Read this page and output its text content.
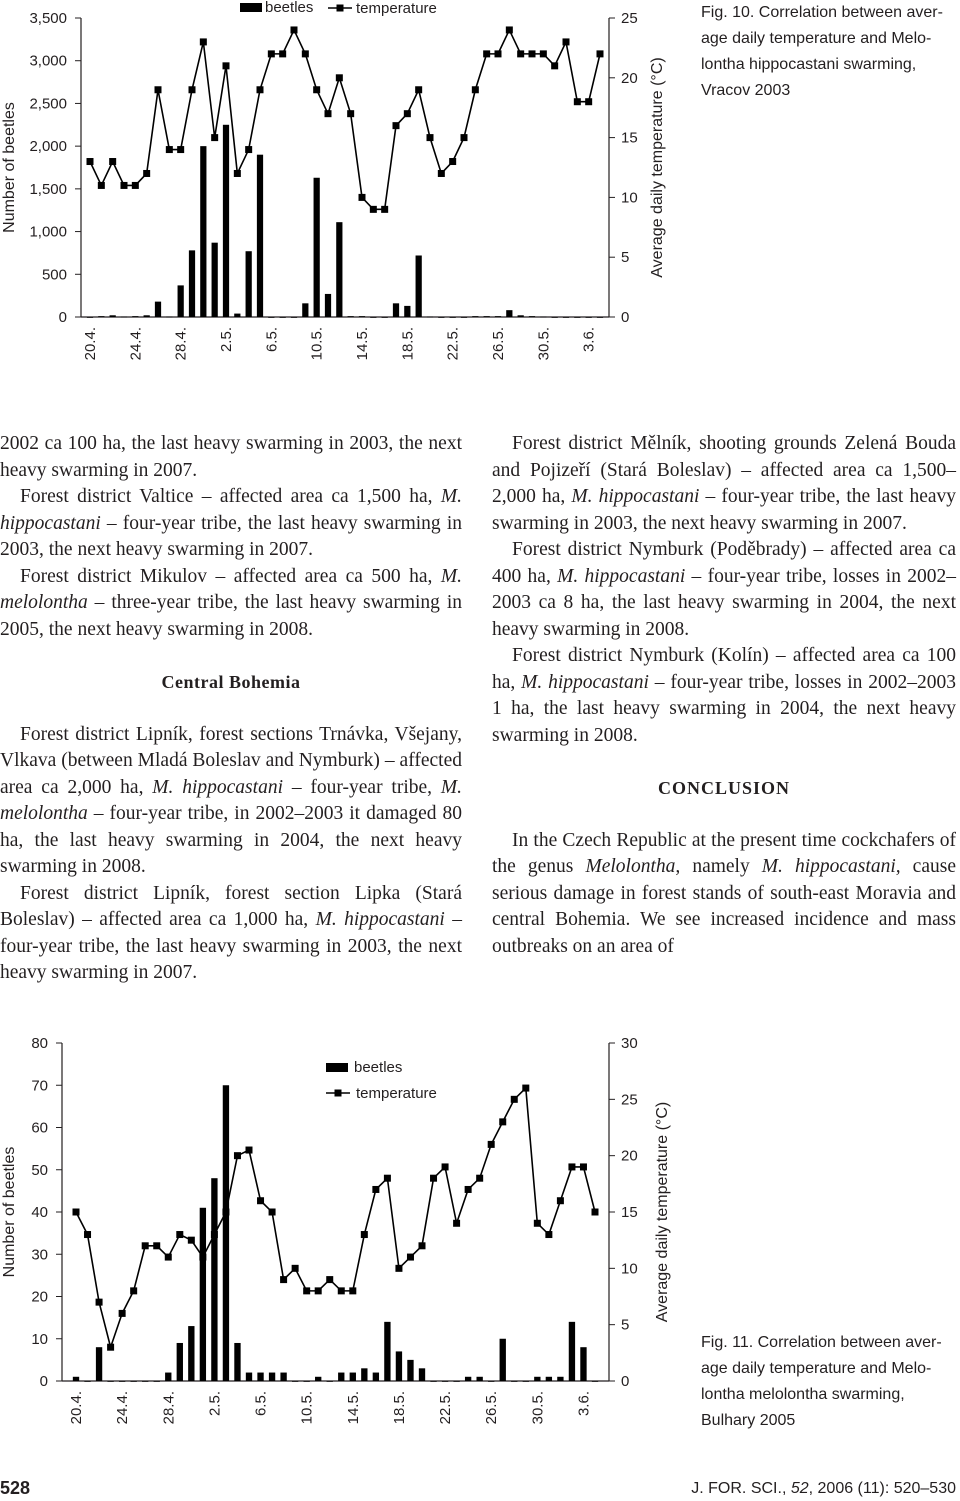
0
500
1,000
1,500
2,000
2,500
3,000
3,500
0
5
10
15
20
25
20.4. 24.4. 28.4. 2.5. 6.5. 10.5. 14.5. 18.5. 22.5. 26.5. 30.5. 3.6.
Number of beetles	Average daily temperature (°C)
beetles	temperature	Fig. 10. Correlation between aver-
age daily temperature and Melo-
lontha hippocastani swarming,
Vracov 2003

2002 ca 100 ha, the last heavy swarming in 2003, the next heavy swarming in 2007.

Forest district Valtice – affected area ca 1,500 ha, M. hippocastani – four-year tribe, the last heavy swarming in 2003, the next heavy swarming in 2007.

Forest district Mikulov – affected area ca 500 ha, M. melolontha – three-year tribe, the last heavy swarming in 2005, the next heavy swarming in 2008.

Central Bohemia

Forest district Lipník, forest sections Trnávka, Všejany, Vlkava (between Mladá Boleslav and Nymburk) – affected area ca 2,000 ha, M. hippocastani – four-year tribe, M. melolontha – four-year tribe, in 2002–2003 it damaged 80 ha, the last heavy swarming in 2004, the next heavy swarming in 2008.

Forest district Lipník, forest section Lipka (Stará Boleslav) – affected area ca 1,000 ha, M. hippocastani – four-year tribe, the last heavy swarming in 2003, the next heavy swarming in 2007.

Forest district Mělník, shooting grounds Zelená Bouda and Pojizeří (Stará Boleslav) – affected area ca 1,500–2,000 ha, M. hippocastani – four-year tribe, the last heavy swarming in 2003, the next heavy swarming in 2007.

Forest district Nymburk (Poděbrady) – affected area ca 400 ha, M. hippocastani – four-year tribe, losses in 2002–2003 ca 8 ha, the last heavy swarming in 2004, the next heavy swarming in 2008.

Forest district Nymburk (Kolín) – affected area ca 100 ha, M. hippocastani – four-year tribe, losses in 2002–2003 1 ha, the last heavy swarming in 2004, the next heavy swarming in 2008.

CONCLUSION

In the Czech Republic at the present time cockchafers of the genus Melolontha, namely M. hippocastani, cause serious damage in forest stands of south-east Moravia and central Bohemia. We see increased incidence and mass outbreaks on an area of

0
10
20
30
40
50
60
70
80
0
5
10
15
20
25
30
20.4. 24.4. 28.4. 2.5. 6.5. 10.5. 14.5. 18.5. 22.5. 26.5. 30.5. 3.6.
Number of beetles	Average daily temperature (°C)
beetles
temperature
Fig. 11. Correlation between aver-
age daily temperature and Melo-
lontha melolontha swarming,
Bulhary 2005
528	J. FOR. SCI., 52, 2006 (11): 520–530
